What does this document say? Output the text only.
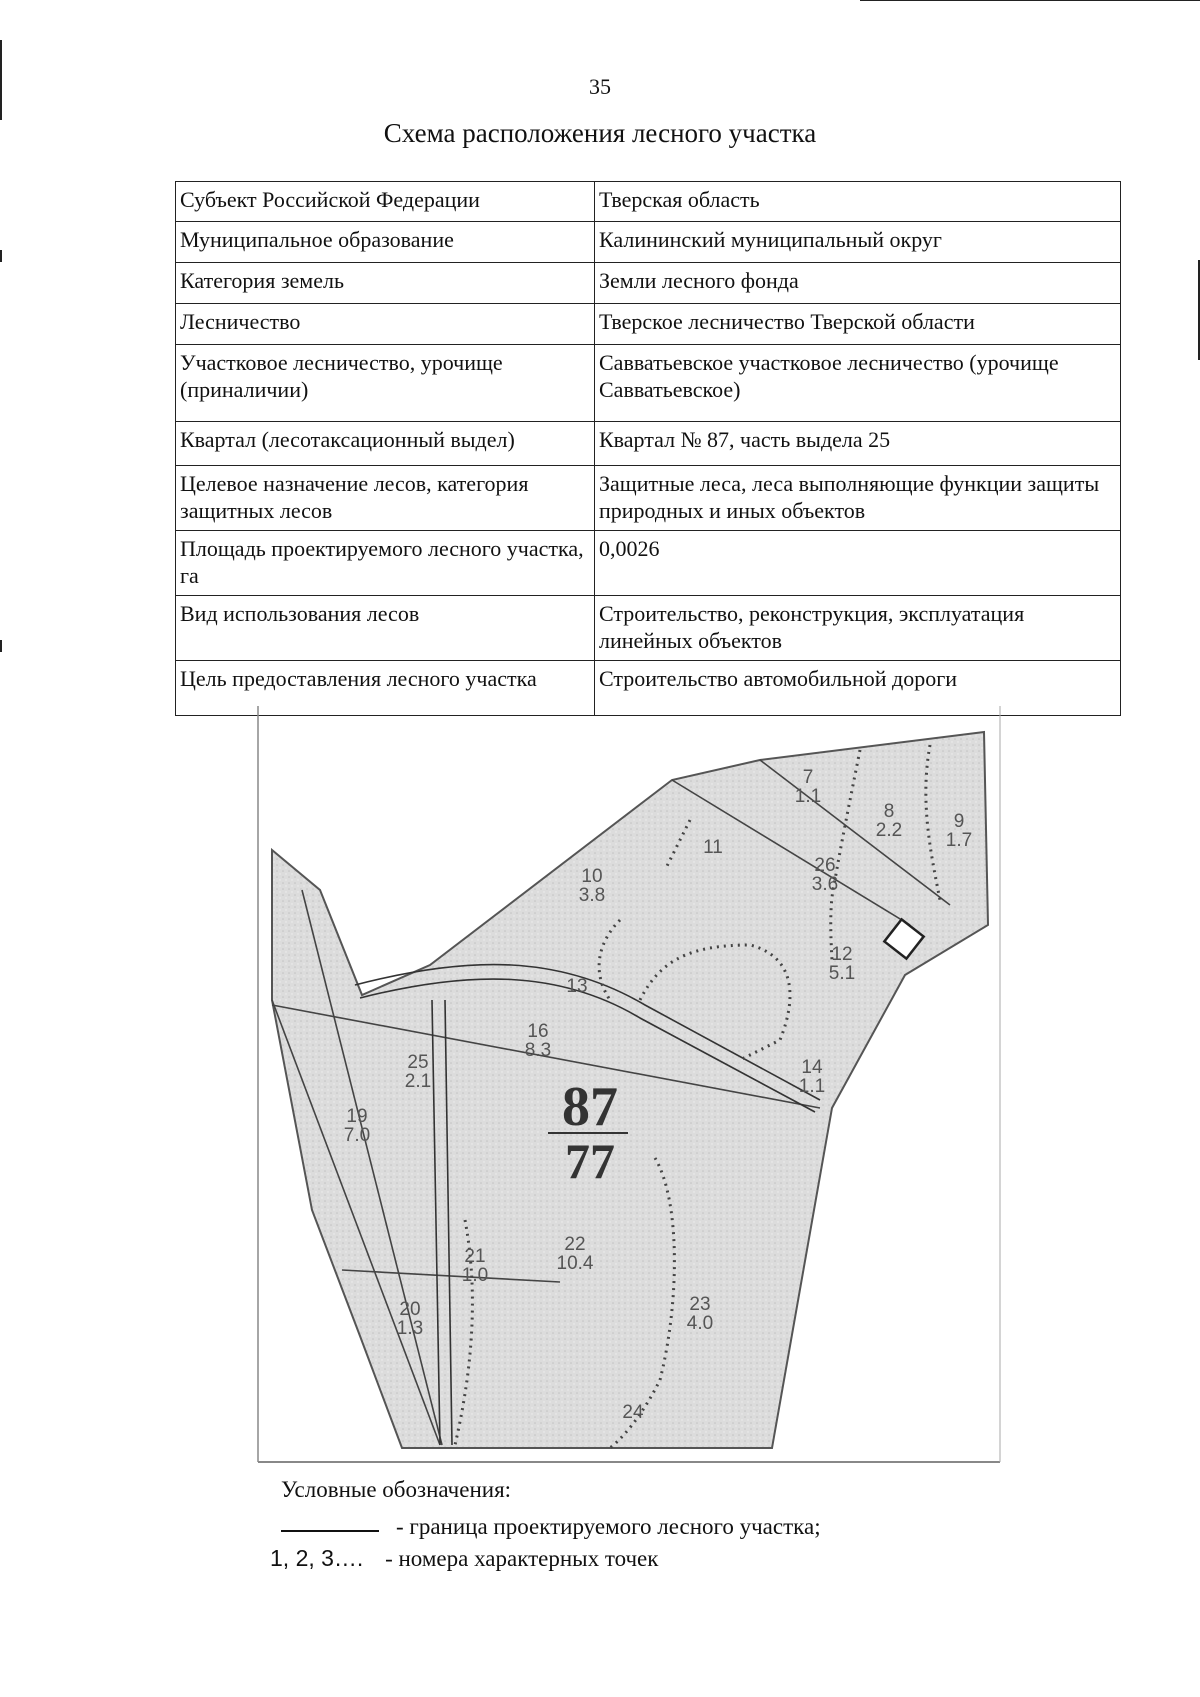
35
Схема расположения лесного участка
Субъект Российской Федерации	Тверская область
Муниципальное образование	Калининский муниципальный округ
Категория земель	Земли лесного фонда
Лесничество	Тверское лесничество Тверской области
Участковое лесничество, урочище (приналичии)	Савватьевское участковое лесничество (урочище Савватьевское)
Квартал (лесотаксационный выдел)	Квартал № 87, часть выдела 25
Целевое назначение лесов, категория защитных лесов	Защитные леса, леса выполняющие функции защиты природных и иных объектов
Площадь проектируемого лесного участка, га	0,0026
Вид использования лесов	Строительство, реконструкция, эксплуатация линейных объектов
Цель предоставления лесного участка	Строительство автомобильной дороги
87
77
7
1.1
8
2.2	9
1.7
10
3.8
11
26
3.6
12
5.1
13
16
8.3
25
2.1
14
1.1
19
7.0
22
10.4
21
1.0
20
1.3
23
4.0
24
Условные обозначения:
- граница проектируемого лесного участка;
1, 2, 3…. - номера характерных точек
